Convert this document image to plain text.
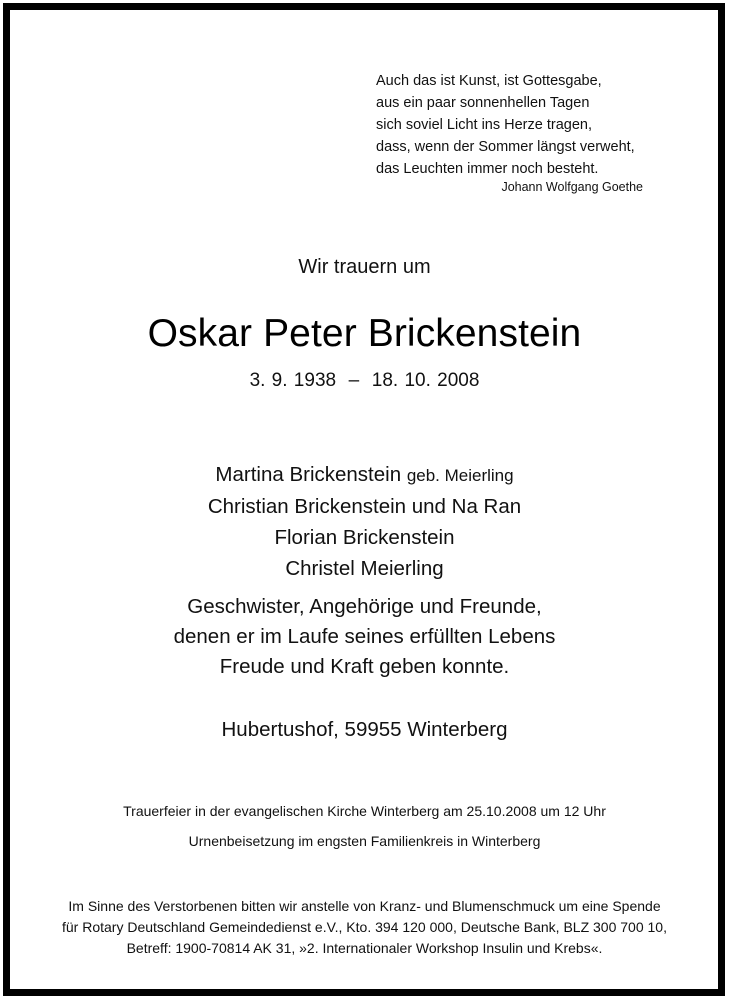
Auch das ist Kunst, ist Gottesgabe,
aus ein paar sonnenhellen Tagen
sich soviel Licht ins Herze tragen,
dass, wenn der Sommer längst verweht,
das Leuchten immer noch besteht.
Johann Wolfgang Goethe
Wir trauern um
Oskar Peter Brickenstein
3. 9. 1938  –  18. 10. 2008
Martina Brickenstein geb. Meierling
Christian Brickenstein und Na Ran
Florian Brickenstein
Christel Meierling
Geschwister, Angehörige und Freunde,
denen er im Laufe seines erfüllten Lebens
Freude und Kraft geben konnte.
Hubertushof, 59955 Winterberg
Trauerfeier in der evangelischen Kirche Winterberg am 25.10.2008 um 12 Uhr
Urnenbeisetzung im engsten Familienkreis in Winterberg
Im Sinne des Verstorbenen bitten wir anstelle von Kranz- und Blumenschmuck um eine Spende
für Rotary Deutschland Gemeindedienst e.V., Kto. 394 120 000, Deutsche Bank, BLZ 300 700 10,
Betreff: 1900-70814 AK 31, »2. Internationaler Workshop Insulin und Krebs«.
